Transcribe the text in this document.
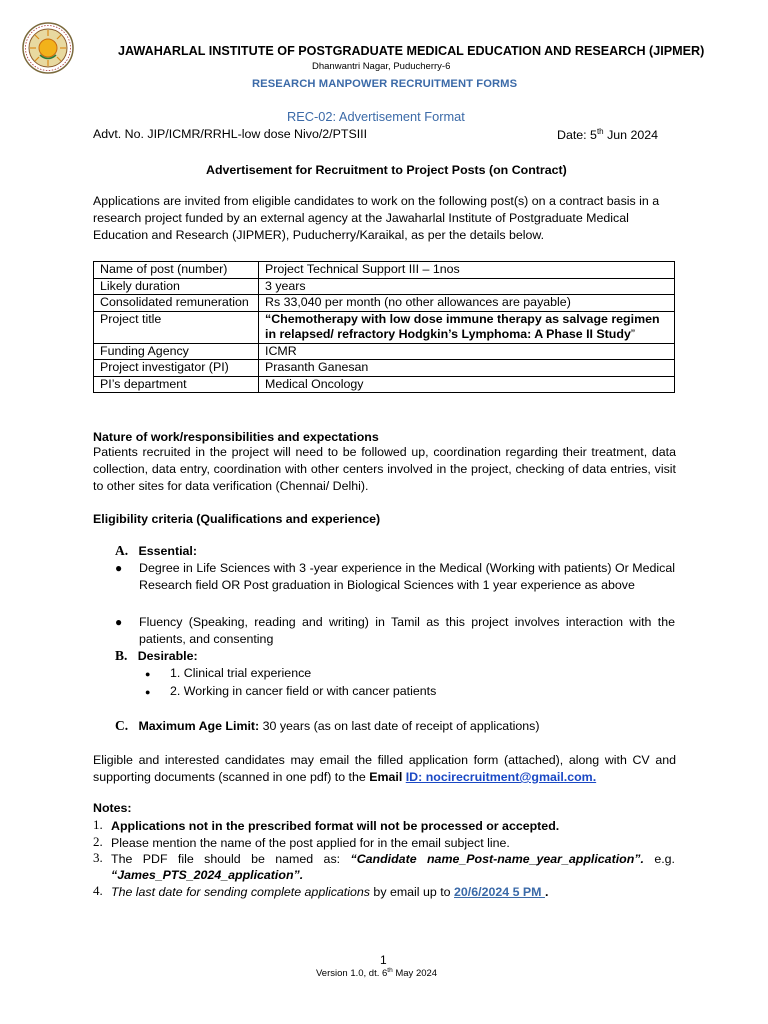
JAWAHARLAL INSTITUTE OF POSTGRADUATE MEDICAL EDUCATION AND RESEARCH (JIPMER)
Dhanwantri Nagar, Puducherry-6
RESEARCH MANPOWER RECRUITMENT FORMS
REC-02: Advertisement Format
Advt. No. JIP/ICMR/RRHL-low dose Nivo/2/PTSIII	Date: 5th Jun 2024
Advertisement for Recruitment to Project Posts (on Contract)
Applications are invited from eligible candidates to work on the following post(s) on a contract basis in a research project funded by an external agency at the Jawaharlal Institute of Postgraduate Medical Education and Research (JIPMER), Puducherry/Karaikal, as per the details below.
Name of post (number)	Project Technical Support III – 1nos
Likely duration	3 years
Consolidated remuneration	Rs 33,040 per month (no other allowances are payable)
Project title	“Chemotherapy with low dose immune therapy as salvage regimen in relapsed/ refractory Hodgkin’s Lymphoma: A Phase II Study”
Funding Agency	ICMR
Project investigator (PI)	Prasanth Ganesan
PI’s department	Medical Oncology
Nature of work/responsibilities and expectations
Patients recruited in the project will need to be followed up, coordination regarding their treatment, data collection, data entry, coordination with other centers involved in the project, checking of data entries, visit to other sites for data verification (Chennai/ Delhi).
Eligibility criteria (Qualifications and experience)
A. Essential:
● Degree in Life Sciences with 3 -year experience in the Medical (Working with patients) Or Medical Research field OR Post graduation in Biological Sciences with 1 year experience as above
● Fluency (Speaking, reading and writing) in Tamil as this project involves interaction with the patients, and consenting
B. Desirable:
● 1. Clinical trial experience
● 2. Working in cancer field or with cancer patients
C. Maximum Age Limit: 30 years (as on last date of receipt of applications)
Eligible and interested candidates may email the filled application form (attached), along with CV and supporting documents (scanned in one pdf) to the Email ID: nocirecruitment@gmail.com.
Notes:
1. Applications not in the prescribed format will not be processed or accepted.
2. Please mention the name of the post applied for in the email subject line.
3. The PDF file should be named as: “Candidate name_Post-name_year_application”. e.g. “James_PTS_2024_application”.
4. The last date for sending complete applications by email up to 20/6/2024 5 PM .
1
Version 1.0, dt. 6th May 2024
